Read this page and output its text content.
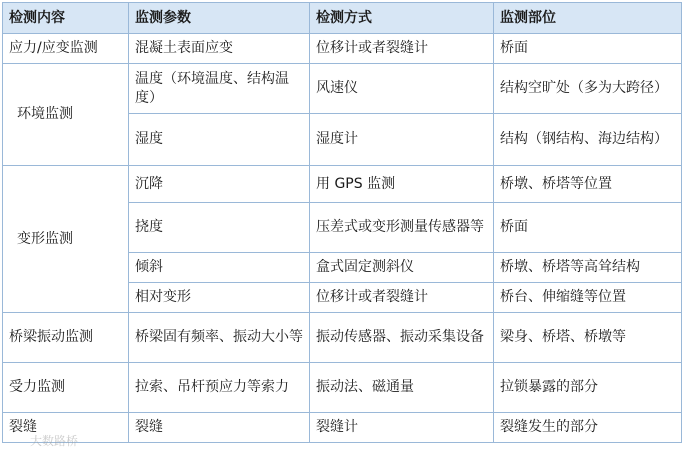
检测内容	监测参数	检测方式	监测部位
应力/应变监测	混凝土表面应变	位移计或者裂缝计	桥面
环境监测	温度（环境温度、结构温度）	风速仪	结构空旷处（多为大跨径）
	湿度	湿度计	结构（钢结构、海边结构）
变形监测	沉降	用 GPS 监测	桥墩、桥塔等位置
	挠度	压差式或变形测量传感器等	桥面
	倾斜	盒式固定测斜仪	桥墩、桥塔等高耸结构
	相对变形	位移计或者裂缝计	桥台、伸缩缝等位置
桥梁振动监测	桥梁固有频率、振动大小等	振动传感器、振动采集设备	梁身、桥塔、桥墩等
受力监测	拉索、吊杆预应力等索力	振动法、磁通量	拉锁暴露的部分
裂缝	裂缝	裂缝计	裂缝发生的部分
大数路桥
